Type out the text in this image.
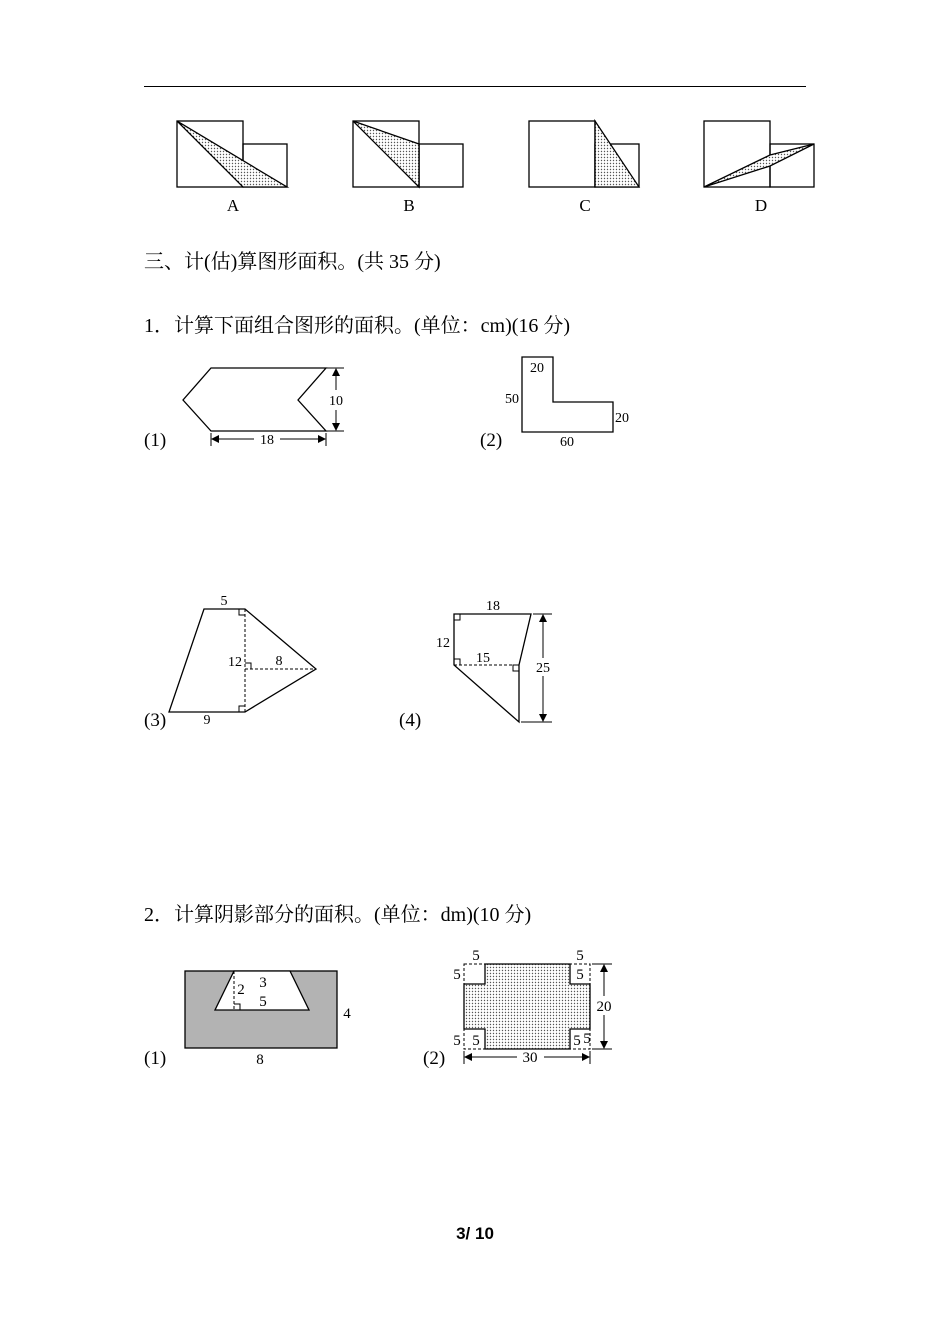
A	B	C	D
三、计(估)算图形面积。(共 35 分)
1．计算下面组合图形的面积。(单位：cm)(16 分)
(1)
10
18	(2)
20
50
20
60
(3)
5
12 8
9	(4)
18
12
15
25
2．计算阴影部分的面积。(单位：dm)(10 分)
(1)
3
2
5
4
8	(2)
5
5
5
5
5 5	5 5
20
30
3/ 10
